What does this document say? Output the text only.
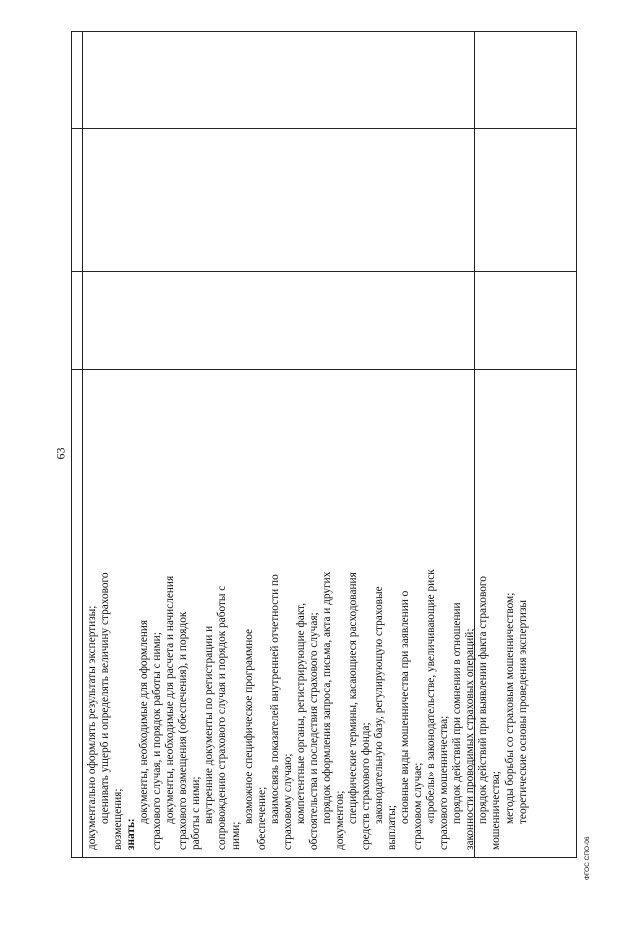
63

документально оформлять результаты экспертизы; оценивать ущерб и определять величину страхового возмещения; знать:

документы, необходимые для оформления страхового случая, и порядок работы с ними; документы, необходимые для расчета и начисления страхового возмещения (обеспечения), и порядок работы с ними; внутренние документы по регистрации и сопровождению страхового случая и порядок работы с ними;

возможное специфическое программное обеспечение; взаимосвязь показателей внутренней отчетности по страховому случаю; компетентные органы, регистрирующие факт, обстоятельства и последствия страхового случая; порядок оформления запроса, письма, акта и других документов; специфические термины, касающиеся расходования средств страхового фонда; законодательную базу, регулирующую страховые

выплаты;

основные виды мошенничества при заявлении о страховом случае; «пробелы» в законодательстве, увеличивающие риск страхового мошенничества; порядок действий при сомнении в отношении законности проводимых страховых операций; порядок действий при выявлении факта страхового мошенничества; методы борьбы со страховым мошенничеством; теоретические основы проведения экспертизы

ФГОС СПО-06
